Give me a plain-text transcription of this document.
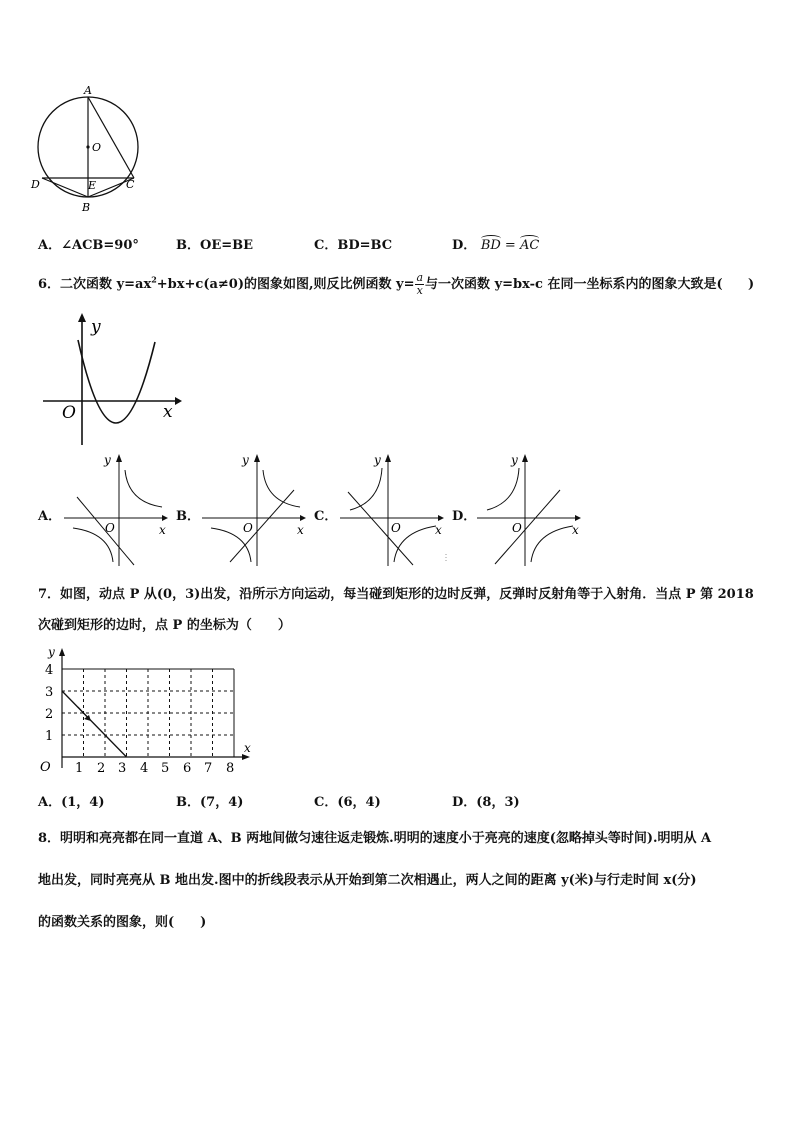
A
O
D	E	C
B
A．∠ACB=90°	B．OE=BE	C．BD=BC	D． BD =
AC
6．二次函数 $y=ax^2+bx+c(a\ne 0)$的图象如图,则反比例函数 $y= \frac{a}{x}$ 与一次函数 y=bx-c 在同一坐标系内的图象大致是( )
y
x
O
A．	B．	C．	D．
y
x
O
y
x
O
y
x
O
y
x
O
7．如图，动点 P 从(0，3)出发，沿所示方向运动，每当碰到矩形的边时反弹，反弹时反射角等于入射角．当点 P 第 2018
次碰到矩形的边时，点 P 的坐标为（　　）
y
x
O 1 2 3 4 5 6 7 8
1
2
3
4
A．(1，4)	B．(7，4)	C．(6，4)	D．(8，3)
8．明明和亮亮都在同一直道 A、B 两地间做匀速往返走锻炼.明明的速度小于亮亮的速度(忽略掉头等时间).明明从 A
地出发，同时亮亮从 B 地出发.图中的折线段表示从开始到第二次相遇止，两人之间的距离 y(米)与行走时间 x(分)
的函数关系的图象，则(　　)
